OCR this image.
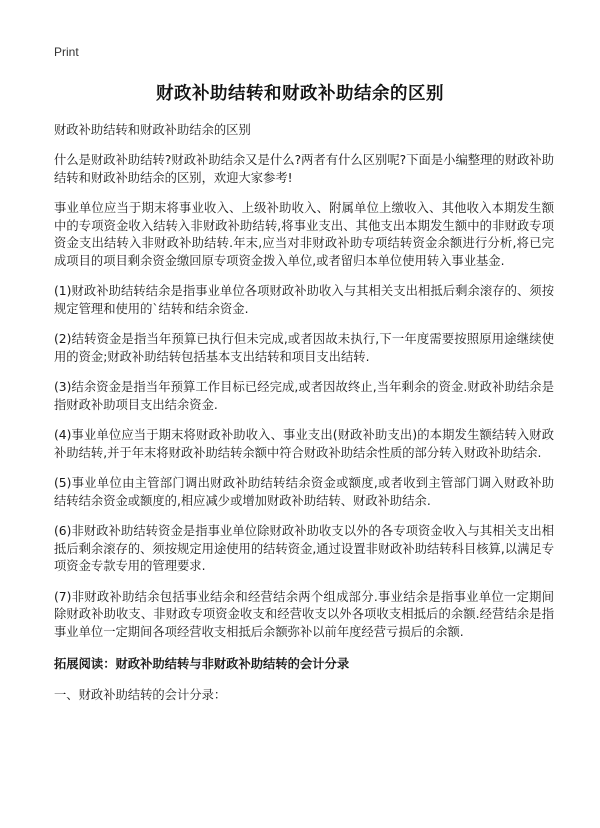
Print
财政补助结转和财政补助结余的区别
财政补助结转和财政补助结余的区别

什么是财政补助结转?财政补助结余又是什么?两者有什么区别呢?下面是小编整理的财政补助结转和财政补助结余的区别，欢迎大家参考!

事业单位应当于期末将事业收入、上级补助收入、附属单位上缴收入、其他收入本期发生额中的专项资金收入结转入非财政补助结转,将事业支出、其他支出本期发生额中的非财政专项资金支出结转入非财政补助结转.年末,应当对非财政补助专项结转资金余额进行分析,将已完成项目的项目剩余资金缴回原专项资金拨入单位,或者留归本单位使用转入事业基金.

(1)财政补助结转结余是指事业单位各项财政补助收入与其相关支出相抵后剩余滚存的、须按规定管理和使用的`结转和结余资金.

(2)结转资金是指当年预算已执行但未完成,或者因故未执行,下一年度需要按照原用途继续使用的资金;财政补助结转包括基本支出结转和项目支出结转.

(3)结余资金是指当年预算工作目标已经完成,或者因故终止,当年剩余的资金.财政补助结余是指财政补助项目支出结余资金.

(4)事业单位应当于期末将财政补助收入、事业支出(财政补助支出)的本期发生额结转入财政补助结转,并于年末将财政补助结转余额中符合财政补助结余性质的部分转入财政补助结余.

(5)事业单位由主管部门调出财政补助结转结余资金或额度,或者收到主管部门调入财政补助结转结余资金或额度的,相应减少或增加财政补助结转、财政补助结余.

(6)非财政补助结转资金是指事业单位除财政补助收支以外的各专项资金收入与其相关支出相抵后剩余滚存的、须按规定用途使用的结转资金,通过设置非财政补助结转科目核算,以满足专项资金专款专用的管理要求.

(7)非财政补助结余包括事业结余和经营结余两个组成部分.事业结余是指事业单位一定期间除财政补助收支、非财政专项资金收支和经营收支以外各项收支相抵后的余额.经营结余是指事业单位一定期间各项经营收支相抵后余额弥补以前年度经营亏损后的余额.

拓展阅读：财政补助结转与非财政补助结转的会计分录
一、财政补助结转的会计分录：
